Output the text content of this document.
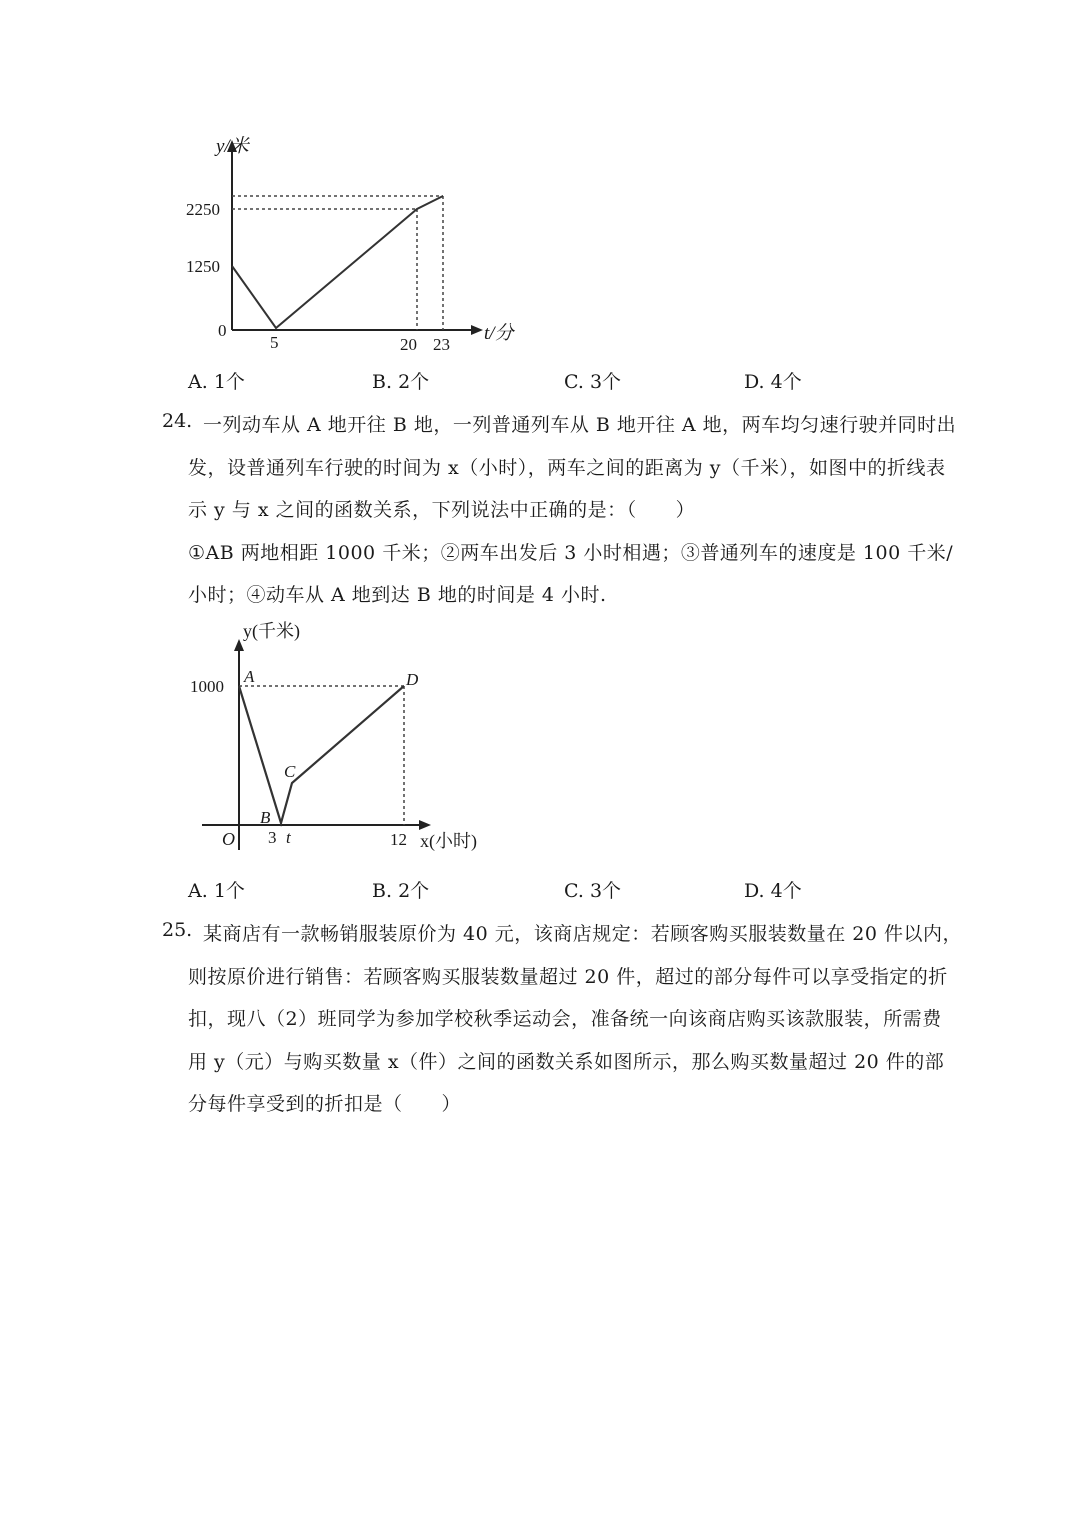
y/米
t/分
0
1250
2250
5	20 23
A. 1个	B. 2个	C. 3个	D. 4个
24. 一列动车从 A 地开往 B 地，一列普通列车从 B 地开往 A 地，两车均匀速行驶并同时出
发，设普通列车行驶的时间为 x（小时），两车之间的距离为 y（千米），如图中的折线表
示 y 与 x 之间的函数关系，下列说法中正确的是：（　　）
①AB 两地相距 1000 千米；②两车出发后 3 小时相遇；③普通列车的速度是 100 千米/
小时；④动车从 A 地到达 B 地的时间是 4 小时.
y(千米)
x(小时)
O
1000
3 t	12
A
B
C
D
A. 1个	B. 2个	C. 3个	D. 4个
25. 某商店有一款畅销服装原价为 40 元，该商店规定：若顾客购买服装数量在 20 件以内，
则按原价进行销售：若顾客购买服装数量超过 20 件，超过的部分每件可以享受指定的折
扣，现八（2）班同学为参加学校秋季运动会，准备统一向该商店购买该款服装，所需费
用 y（元）与购买数量 x（件）之间的函数关系如图所示，那么购买数量超过 20 件的部
分每件享受到的折扣是（　　）
